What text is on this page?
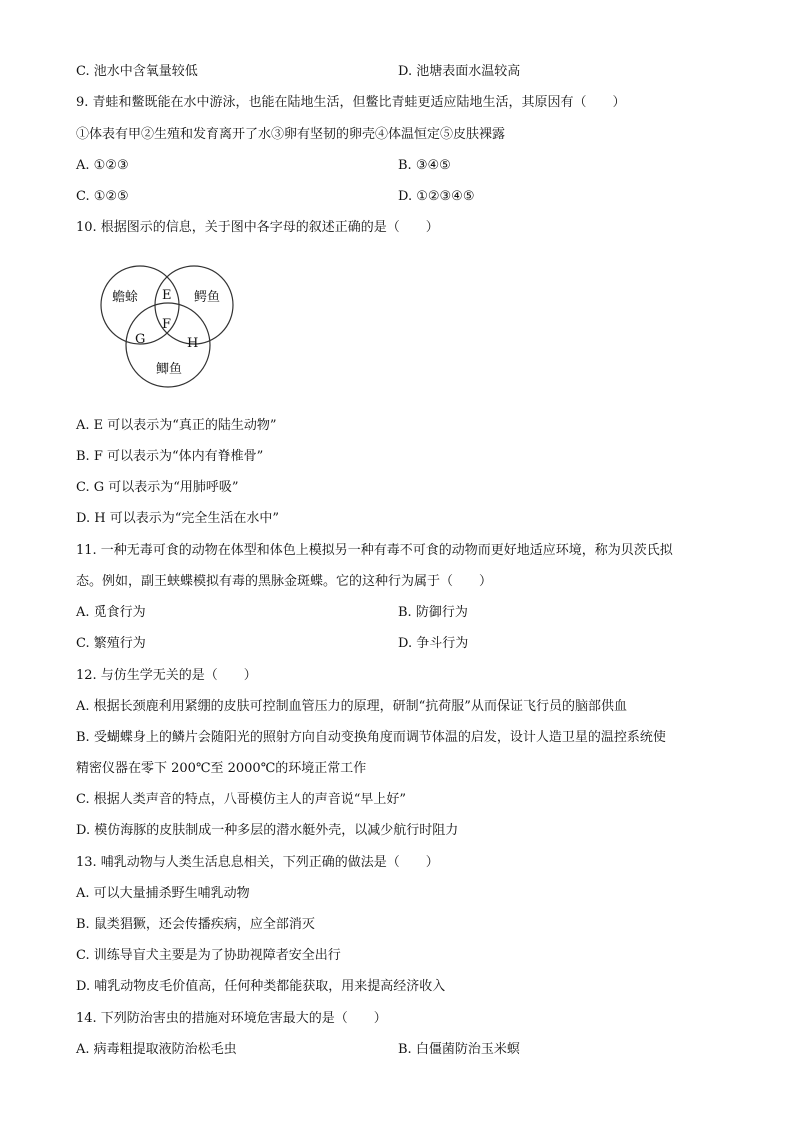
C. 池水中含氧量较低	D. 池塘表面水温较高
9. 青蛙和鳖既能在水中游泳，也能在陆地生活，但鳖比青蛙更适应陆地生活，其原因有（　　）
①体表有甲②生殖和发育离开了水③卵有坚韧的卵壳④体温恒定⑤皮肤裸露
A. ①②③	B. ③④⑤
C. ①②⑤	D. ①②③④⑤
10. 根据图示的信息，关于图中各字母的叙述正确的是（　　）
蟾蜍	鳄鱼
鲫鱼
E
F
G	H
A. E 可以表示为“真正的陆生动物”
B. F 可以表示为“体内有脊椎骨”
C. G 可以表示为“用肺呼吸”
D. H 可以表示为“完全生活在水中”
11. 一种无毒可食的动物在体型和体色上模拟另一种有毒不可食的动物而更好地适应环境，称为贝茨氏拟
态。例如，副王蛱蝶模拟有毒的黑脉金斑蝶。它的这种行为属于（　　）
A. 觅食行为	B. 防御行为
C. 繁殖行为	D. 争斗行为
12. 与仿生学无关的是（　　）
A. 根据长颈鹿利用紧绷的皮肤可控制血管压力的原理，研制“抗荷服”从而保证飞行员的脑部供血
B. 受蝴蝶身上的鳞片会随阳光的照射方向自动变换角度而调节体温的启发，设计人造卫星的温控系统使
精密仪器在零下 200℃至 2000℃的环境正常工作
C. 根据人类声音的特点，八哥模仿主人的声音说“早上好”
D. 模仿海豚的皮肤制成一种多层的潜水艇外壳，以减少航行时阻力
13. 哺乳动物与人类生活息息相关，下列正确的做法是（　　）
A. 可以大量捕杀野生哺乳动物
B. 鼠类猖獗，还会传播疾病，应全部消灭
C. 训练导盲犬主要是为了协助视障者安全出行
D. 哺乳动物皮毛价值高，任何种类都能获取，用来提高经济收入
14. 下列防治害虫的措施对环境危害最大的是（　　）
A. 病毒粗提取液防治松毛虫	B. 白僵菌防治玉米螟
